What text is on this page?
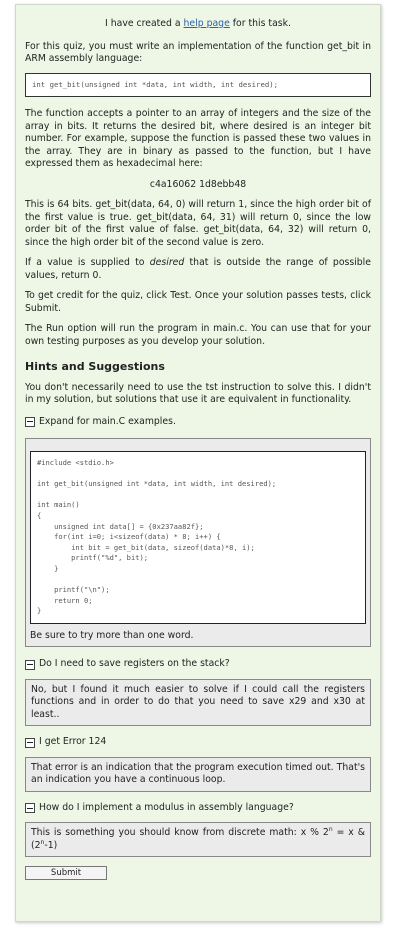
I have created a help page for this task.

For this quiz, you must write an implementation of the function get_bit in ARM assembly language:

int get_bit(unsigned int *data, int width, int desired);

The function accepts a pointer to an array of integers and the size of the array in bits. It returns the desired bit, where desired is an integer bit number. For example, suppose the function is passed these two values in the array. They are in binary as passed to the function, but I have expressed them as hexadecimal here:

c4a16062 1d8ebb48

This is 64 bits. get_bit(data, 64, 0) will return 1, since the high order bit of the first value is true. get_bit(data, 64, 31) will return 0, since the low order bit of the first value of false. get_bit(data, 64, 32) will return 0, since the high order bit of the second value is zero.

If a value is supplied to desired that is outside the range of possible values, return 0.

To get credit for the quiz, click Test. Once your solution passes tests, click Submit.

The Run option will run the program in main.c. You can use that for your own testing purposes as you develop your solution.

Hints and Suggestions

You don't necessarily need to use the tst instruction to solve this. I didn't in my solution, but solutions that use it are equivalent in functionality.

Expand for main.C examples.
#include <stdio.h>

int get_bit(unsigned int *data, int width, int desired);

int main()
{
unsigned int data[] = {0x237aa82f};
for(int i=0; i<sizeof(data) * 8; i++) {
int bit = get_bit(data, sizeof(data)*8, i);
printf("%d", bit);
}

printf("\n");
return 0;
}

Be sure to try more than one word.

Do I need to save registers on the stack?
No, but I found it much easier to solve if I could call the registers functions and in order to do that you need to save x29 and x30 at least..
I get Error 124
That error is an indication that the program execution timed out. That's an indication you have a continuous loop.
How do I implement a modulus in assembly language?
This is something you should know from discrete math: x % $2^n = x$ & (2$^n$-1)
Submit
